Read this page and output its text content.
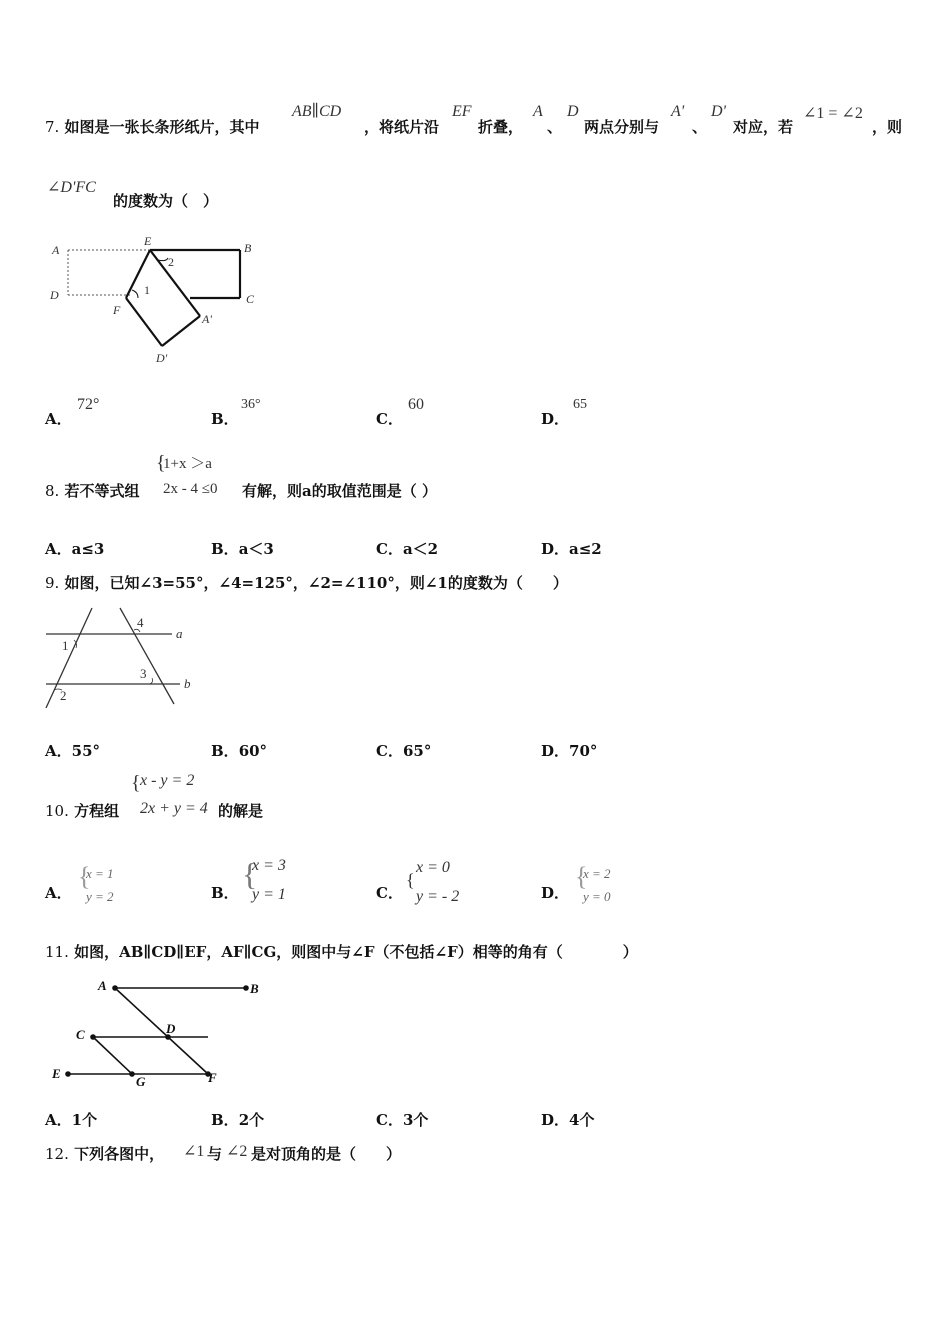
7. 如图是一张长条形纸片，其中
AB∥CD
，将纸片沿
EF
折叠，
A
、
D
两点分别与
A'
、
D'
对应，若
∠1 = ∠2
，则
∠D'FC
的度数为（　）
A
D
E	B
C
F
A'
D'
2
1
A．
72°
B．
36°
C．
60
D．
65
8. 若不等式组
{
1+x ＞a
2x - 4 ≤0 有解，则a的取值范围是（ ）
A．a≤3	B．a＜3	C．a＜2	D．a≤2
9. 如图，已知∠3=55°，∠4=125°，∠2=∠110°，则∠1的度数为（　　）
1
2
3
4
a
b
A．55°	B．60°	C．65°	D．70°
10. 方程组
{ x - y = 2
2x + y = 4 的解是
A．
{
x = 1
y = 2	B．
{
x = 3
y = 1	C．
{
x = 0
y = - 2	D．
{
x = 2
y = 0
11. 如图，AB∥CD∥EF，AF∥CG，则图中与∠F（不包括∠F）相等的角有（　　　　）
A	B
C	D
E
G	F
A．1个	B．2个	C．3个	D．4个
12. 下列各图中， ∠1 与 ∠2 是对顶角的是（　　）
